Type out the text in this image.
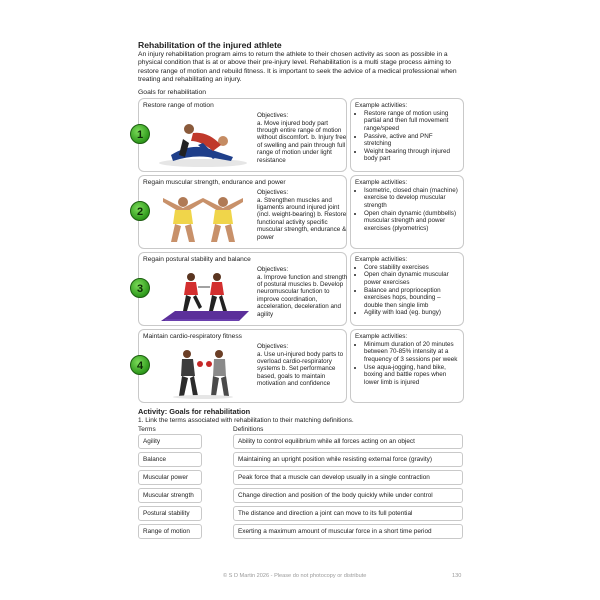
Rehabilitation of the injured athlete

An injury rehabilitation program aims to return the athlete to their chosen activity as soon as possible in a physical condition that is at or above their pre-injury level. Rehabilitation is a multi stage process aiming to restore range of motion and rebuild fitness. It is important to seek the advice of a medical professional when treating and rehabilitating an injury.

Goals for rehabilitation
1
Restore range of motion
Objectives:
a. Move injured body part through entire range of motion without discomfort. b. Injury free of swelling and pain through full range of motion under light resistance
Example activities:
• Restore range of motion using partial and then full movement range/speed
• Passive, active and PNF stretching
• Weight bearing through injured body part
2
Regain muscular strength, endurance and power
Objectives:
a. Strengthen muscles and ligaments around injured joint (incl. weight-bearing) b. Restore functional activity specific muscular strength, endurance & power
Example activities:
• Isometric, closed chain (machine) exercise to develop muscular strength
• Open chain dynamic (dumbbells) muscular strength and power exercises (plyometrics)
3
Regain postural stability and balance
Objectives:
a. Improve function and strength of postural muscles b. Develop neuromuscular function to improve coordination, acceleration, deceleration and agility
Example activities:
• Core stability exercises
• Open chain dynamic muscular power exercises
• Balance and proprioception exercises hops, bounding – double then single limb
• Agility with load (eg. bungy)
4
Maintain cardio-respiratory fitness
Objectives:
a. Use un-injured body parts to overload cardio-respiratory systems b. Set performance based, goals to maintain motivation and confidence
Example activities:
• Minimum duration of 20 minutes between 70-85% intensity at a frequency of 3 sessions per week
• Use aqua-jogging, hand bike, boxing and battle ropes when lower limb is injured
Activity: Goals for rehabilitation
1. Link the terms associated with rehabilitation to their matching definitions.
Terms	Definitions
Agility	Ability to control equilibrium while all forces acting on an object
Balance	Maintaining an upright position while resisting external force (gravity)
Muscular power	Peak force that a muscle can develop usually in a single contraction
Muscular strength	Change direction and position of the body quickly while under control
Postural stability	The distance and direction a joint can move to its full potential
Range of motion	Exerting a maximum amount of muscular force in a short time period
© S D Martin 2026 - Please do not photocopy or distribute	130
